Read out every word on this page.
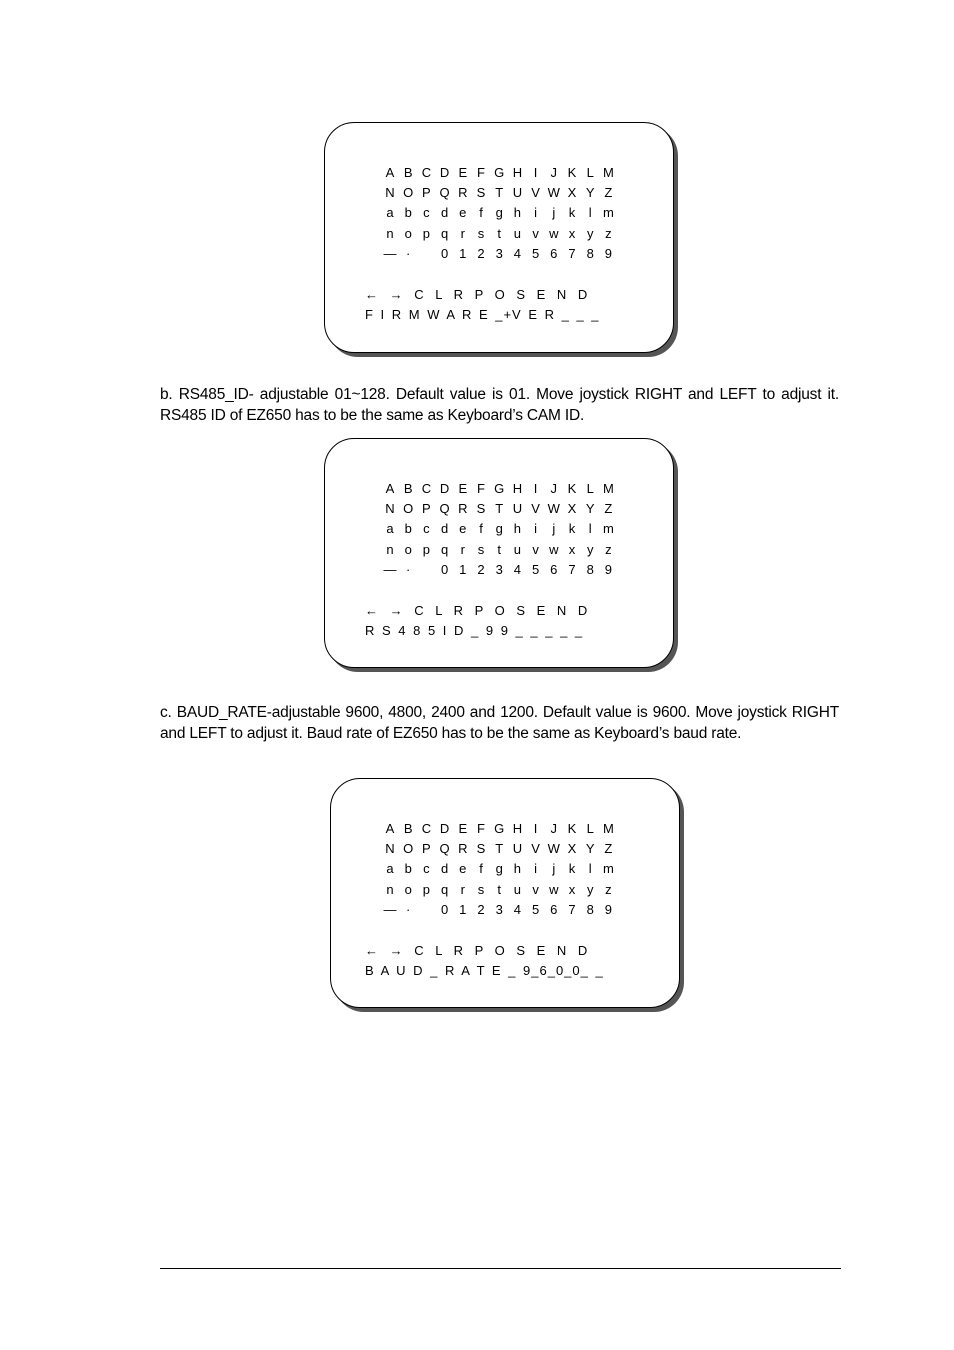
A B C D E F G H I	J K L M
N O P Q R S T U V W X Y Z
a b c d e f g h	i	j	k	l m
n o p q r s	t u v w x y z
— ·	0 1 2 3 4 5 6 7 8 9
← → C L R P O S E N D
F I R M W A R E _+V E R _ _ _
b. RS485_ID- adjustable 01~128. Default value is 01. Move joystick RIGHT and LEFT to adjust it. RS485 ID of EZ650 has to be the same as Keyboard’s CAM ID.
A B C D E F G H I	J K L M
N O P Q R S T U V W X Y Z
a b c d e f g h	i	j	k	l m
n o p q r s	t u v w x y z
— ·	0 1 2 3 4 5 6 7 8 9
← → C L R P O S E N D
R S 4 8 5 I D _ 9 9 _ _ _ _ _
c. BAUD_RATE-adjustable 9600, 4800, 2400 and 1200. Default value is 9600. Move joystick RIGHT and LEFT to adjust it. Baud rate of EZ650 has to be the same as Keyboard’s baud rate.
A B C D E F G H I	J K L M
N O P Q R S T U V W X Y Z
a b c d e f g h	i	j	k	l m
n o p q r s	t u v w x y z
— ·	0 1 2 3 4 5 6 7 8 9
← → C L R P O S E N D
B A U D _ R A T E _ 9_6_0_0_ _
